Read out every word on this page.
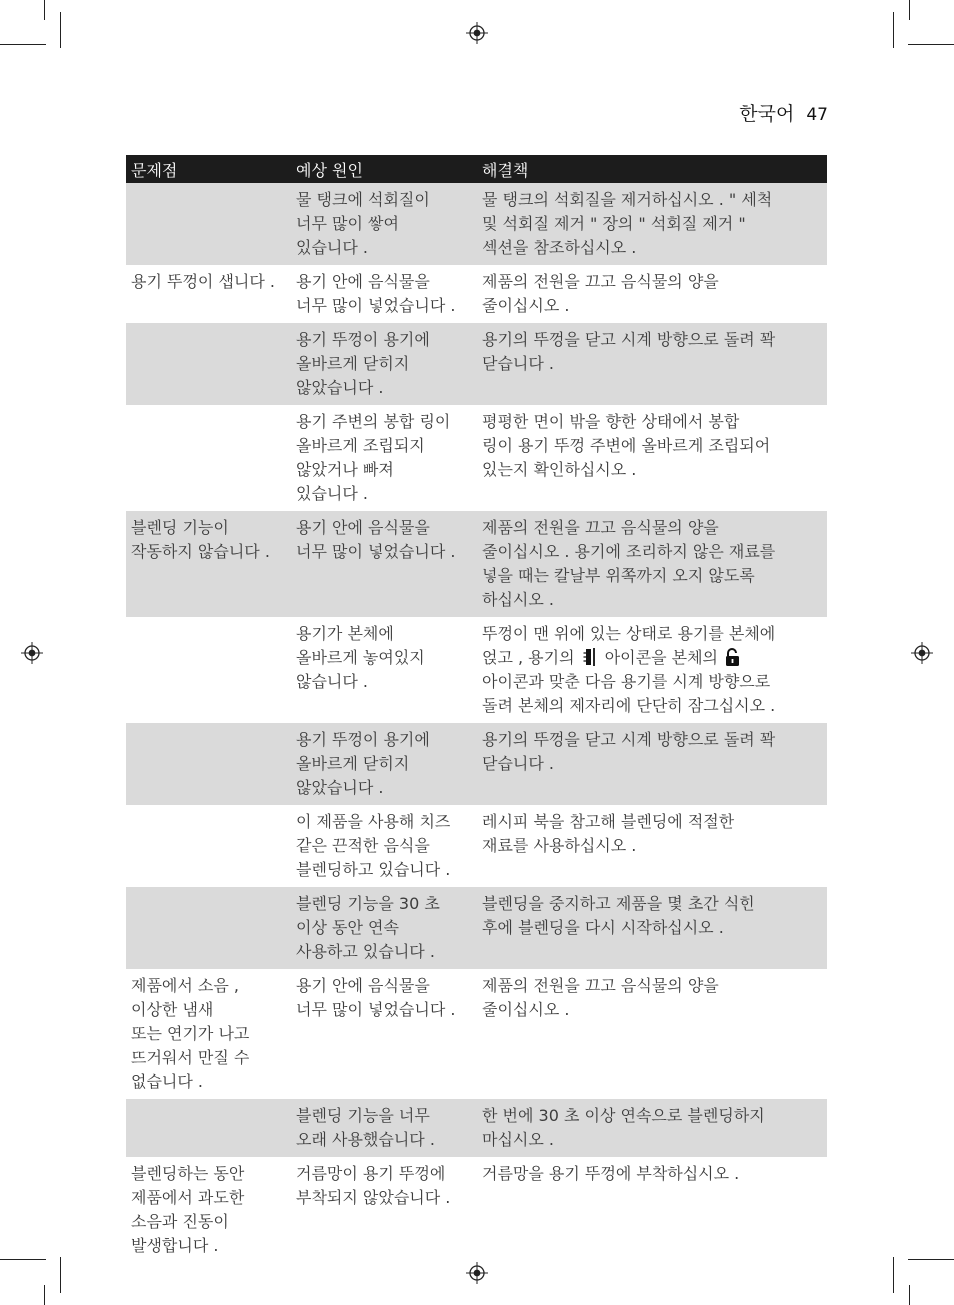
한국어 47
문제점	예상 원인	해결책
	물 탱크에 석회질이
너무 많이 쌓여
있습니다 .	물 탱크의 석회질을 제거하십시오 . " 세척
및 석회질 제거 " 장의 " 석회질 제거 "
섹션을 참조하십시오 .
용기 뚜껑이 샙니다 .	용기 안에 음식물을
너무 많이 넣었습니다 .	제품의 전원을 끄고 음식물의 양을
줄이십시오 .
	용기 뚜껑이 용기에
올바르게 닫히지
않았습니다 .	용기의 뚜껑을 닫고 시계 방향으로 돌려 꽉
닫습니다 .
	용기 주변의 봉합 링이
올바르게 조립되지
않았거나 빠져
있습니다 .	평평한 면이 밖을 향한 상태에서 봉합
링이 용기 뚜껑 주변에 올바르게 조립되어
있는지 확인하십시오 .
블렌딩 기능이
작동하지 않습니다 .	용기 안에 음식물을
너무 많이 넣었습니다 .	제품의 전원을 끄고 음식물의 양을
줄이십시오 . 용기에 조리하지 않은 재료를
넣을 때는 칼날부 위쪽까지 오지 않도록
하십시오 .
	용기가 본체에
올바르게 놓여있지
않습니다 .	뚜껑이 맨 위에 있는 상태로 용기를 본체에
얹고 , 용기의  아이콘을 본체의
아이콘과 맞춘 다음 용기를 시계 방향으로
돌려 본체의 제자리에 단단히 잠그십시오 .
	용기 뚜껑이 용기에
올바르게 닫히지
않았습니다 .	용기의 뚜껑을 닫고 시계 방향으로 돌려 꽉
닫습니다 .
	이 제품을 사용해 치즈
같은 끈적한 음식을
블렌딩하고 있습니다 .	레시피 북을 참고해 블렌딩에 적절한
재료를 사용하십시오 .
	블렌딩 기능을 30 초
이상 동안 연속
사용하고 있습니다 .	블렌딩을 중지하고 제품을 몇 초간 식힌
후에 블렌딩을 다시 시작하십시오 .
제품에서 소음 ,
이상한 냄새
또는 연기가 나고
뜨거워서 만질 수
없습니다 .	용기 안에 음식물을
너무 많이 넣었습니다 .	제품의 전원을 끄고 음식물의 양을
줄이십시오 .
	블렌딩 기능을 너무
오래 사용했습니다 .	한 번에 30 초 이상 연속으로 블렌딩하지
마십시오 .
블렌딩하는 동안
제품에서 과도한
소음과 진동이
발생합니다 .	거름망이 용기 뚜껑에
부착되지 않았습니다 .	거름망을 용기 뚜껑에 부착하십시오 .
